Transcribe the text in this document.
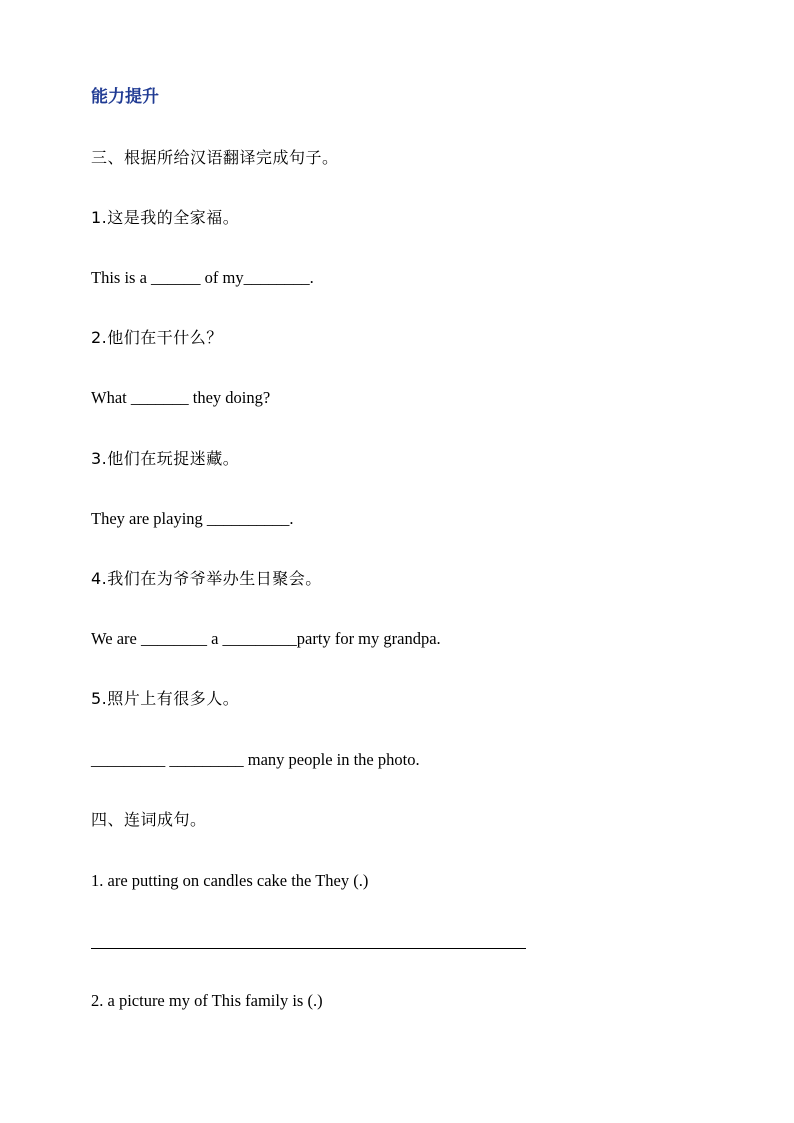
能力提升
三、根据所给汉语翻译完成句子。
1.这是我的全家福。
This is a ______ of my________.
2.他们在干什么？
What _______ they doing?
3.他们在玩捉迷藏。
They are playing __________.
4.我们在为爷爷举办生日聚会。
We are ________ a _________party for my grandpa.
5.照片上有很多人。
_________ _________ many people in the photo.
四、连词成句。
1. are putting on candles cake the They (.)
2. a picture my of This family is (.)
